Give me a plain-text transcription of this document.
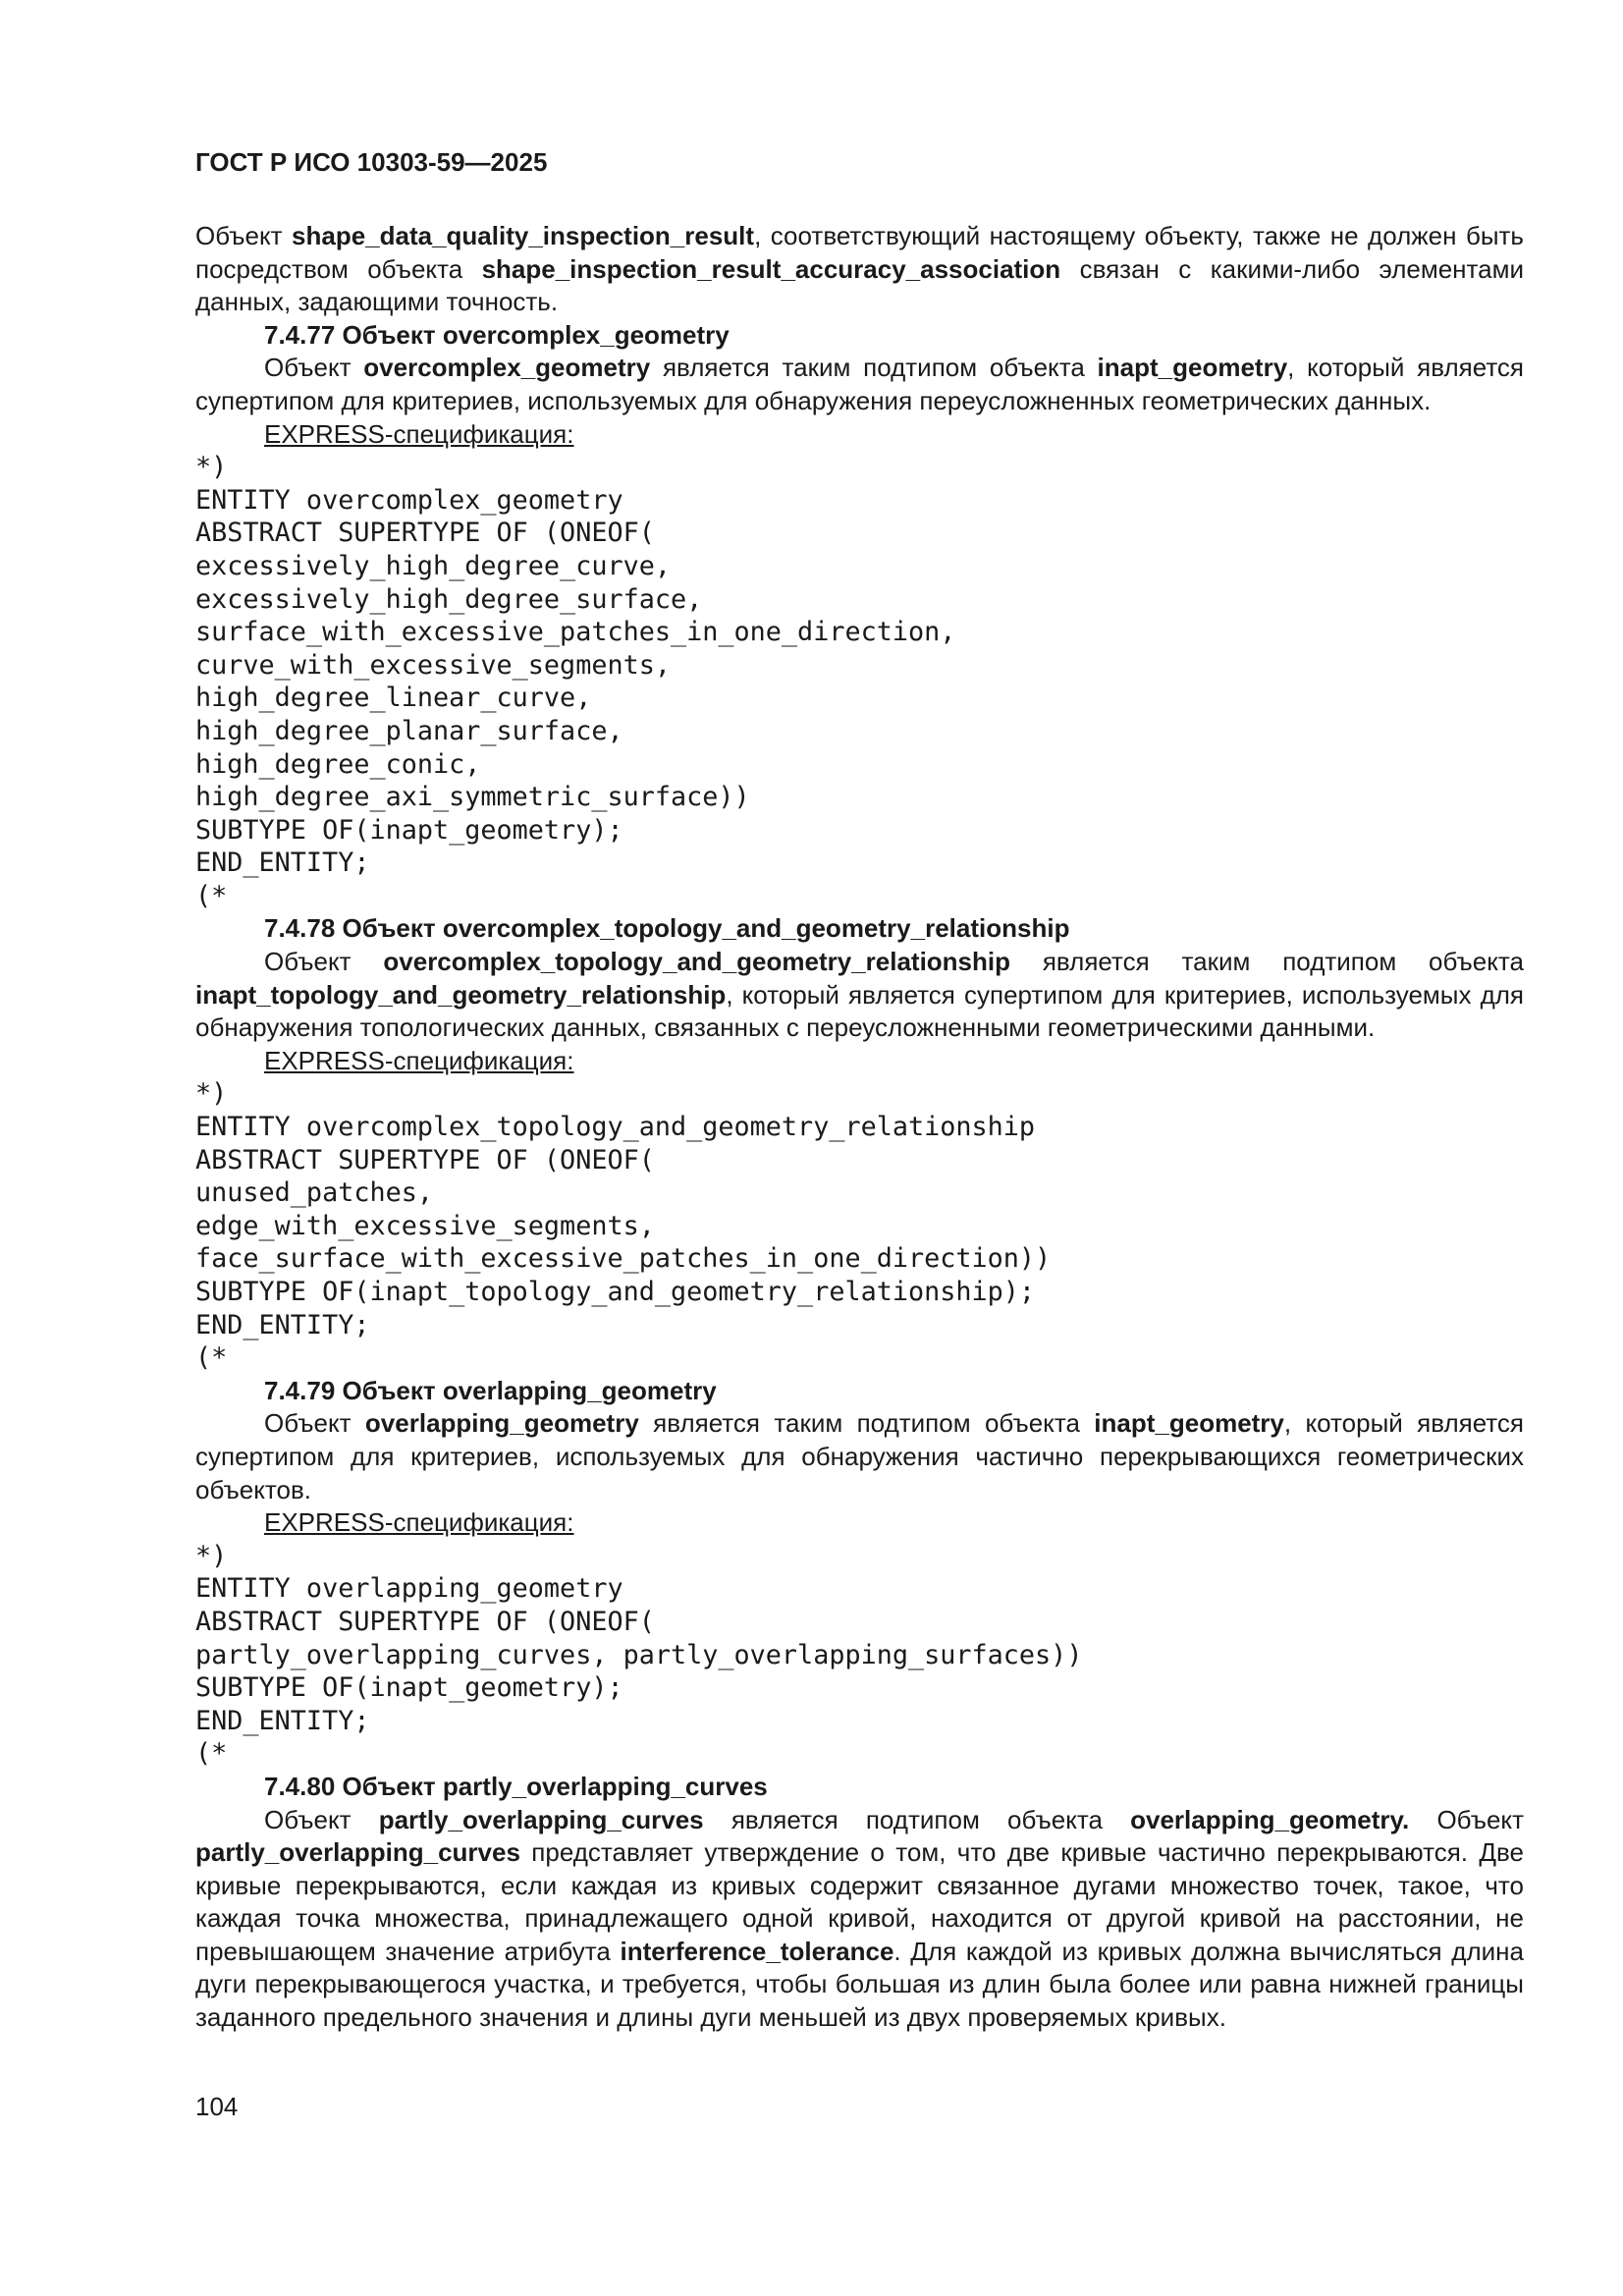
ГОСТ Р ИСО 10303-59—2025

Объект shape_data_quality_inspection_result, соответствующий настоящему объекту, также не должен быть посредством объекта shape_inspection_result_accuracy_association связан с какими-либо элементами данных, задающими точность.

7.4.77 Объект overcomplex_geometry

Объект overcomplex_geometry является таким подтипом объекта inapt_geometry, который является супертипом для критериев, используемых для обнаружения переусложненных геометрических данных.

EXPRESS-спецификация:
*)
ENTITY overcomplex_geometry
ABSTRACT SUPERTYPE OF (ONEOF(
excessively_high_degree_curve,
excessively_high_degree_surface,
surface_with_excessive_patches_in_one_direction,
curve_with_excessive_segments,
high_degree_linear_curve,
high_degree_planar_surface,
high_degree_conic,
high_degree_axi_symmetric_surface))
SUBTYPE OF(inapt_geometry);
END_ENTITY;
(*
7.4.78 Объект overcomplex_topology_and_geometry_relationship

Объект overcomplex_topology_and_geometry_relationship является таким подтипом объекта inapt_topology_and_geometry_relationship, который является супертипом для критериев, используемых для обнаружения топологических данных, связанных с переусложненными геометрическими данными.

EXPRESS-спецификация:
*)
ENTITY overcomplex_topology_and_geometry_relationship
ABSTRACT SUPERTYPE OF (ONEOF(
unused_patches,
edge_with_excessive_segments,
face_surface_with_excessive_patches_in_one_direction))
SUBTYPE OF(inapt_topology_and_geometry_relationship);
END_ENTITY;
(*
7.4.79 Объект overlapping_geometry

Объект overlapping_geometry является таким подтипом объекта inapt_geometry, который является супертипом для критериев, используемых для обнаружения частично перекрывающихся геометрических объектов.

EXPRESS-спецификация:
*)
ENTITY overlapping_geometry
ABSTRACT SUPERTYPE OF (ONEOF(
partly_overlapping_curves, partly_overlapping_surfaces))
SUBTYPE OF(inapt_geometry);
END_ENTITY;
(*
7.4.80 Объект partly_overlapping_curves

Объект partly_overlapping_curves является подтипом объекта overlapping_geometry. Объект partly_overlapping_curves представляет утверждение о том, что две кривые частично перекрываются. Две кривые перекрываются, если каждая из кривых содержит связанное дугами множество точек, такое, что каждая точка множества, принадлежащего одной кривой, находится от другой кривой на расстоянии, не превышающем значение атрибута interference_tolerance. Для каждой из кривых должна вычисляться длина дуги перекрывающегося участка, и требуется, чтобы большая из длин была более или равна нижней границы заданного предельного значения и длины дуги меньшей из двух проверяемых кривых.

104
